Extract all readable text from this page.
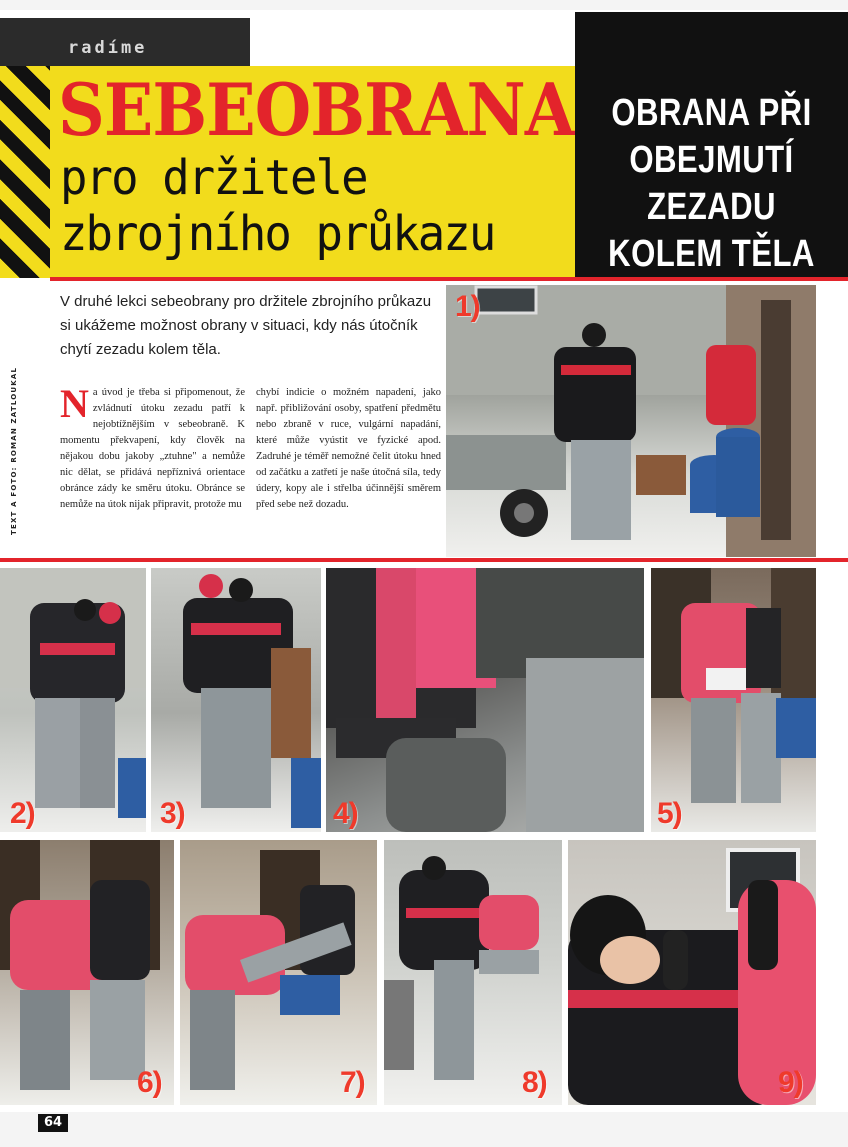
radíme
SEBEOBRANA
pro držitele
zbrojního průkazu
OBRANA PŘI
OBEJMUTÍ
ZEZADU
KOLEM TĚLA
V druhé lekci sebeobrany pro držitele zbrojního průkazu si ukážeme možnost obrany v situaci, kdy nás útočník chytí zezadu kolem těla.
TEXT A FOTO: ROMAN ZATLOUKAL N a úvod je třeba si připomenout, že zvládnutí útoku zezadu patří k nejobtížnějším v sebeobraně. K momentu překvapení, kdy člověk na nějakou dobu jakoby „ztuhne" a nemůže nic dělat, se přidává nepříznivá orientace obránce zády ke směru útoku. Obránce se nemůže na útok nijak připravit, protože mu
chybí indicie o možném napadení, jako např. přibližování osoby, spatření předmětu nebo zbraně v ruce, vulgární napadání, které může vyústit ve fyzické apod. Zadruhé je téměř nemožné čelit útoku hned od začátku a zatřetí je naše útočná síla, tedy údery, kopy ale i střelba účinnější směrem před sebe než dozadu.
1)
2)	3)	4)	5)
6)	7)	8)	9)
64
